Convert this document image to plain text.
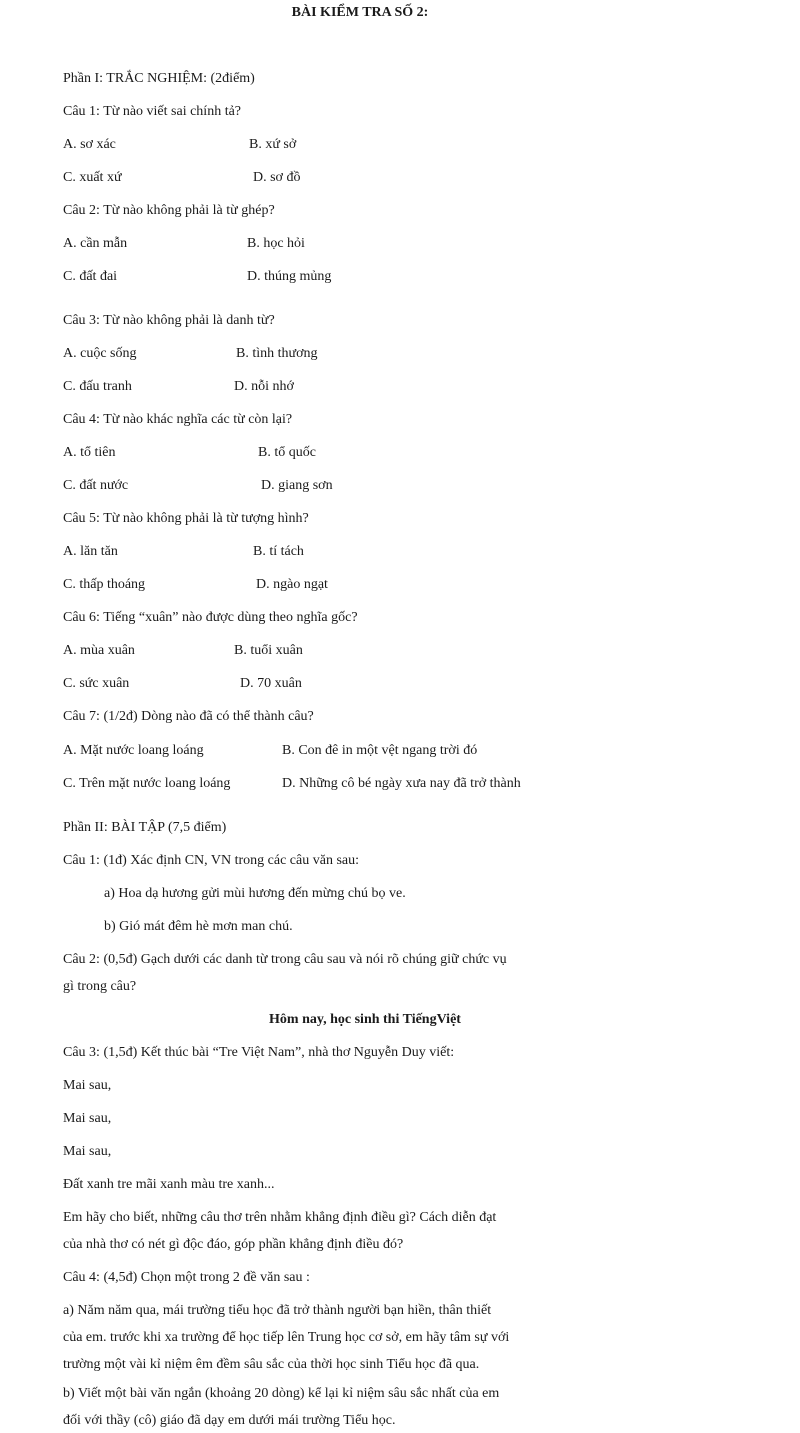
BÀI KIỂM TRA SỐ 2:
Phần I: TRẮC NGHIỆM: (2điểm)
Câu 1: Từ nào viết sai chính tả?
A. sơ xác	B. xứ sở
C. xuất xứ	D. sơ đồ
Câu 2: Từ nào không phải là từ ghép?
A. cần mẫn	B. học hỏi
C. đất đai	D. thúng mủng
Câu 3: Từ nào không phải là danh từ?
A. cuộc sống	B. tình thương
C. đấu tranh	D. nỗi nhớ
Câu 4: Từ nào khác nghĩa các từ còn lại?
A. tổ tiên	B. tổ quốc
C. đất nước	D. giang sơn
Câu 5: Từ nào không phải là từ tượng hình?
A. lăn tăn	B. tí tách
C. thấp thoáng	D. ngào ngạt
Câu 6: Tiếng “xuân” nào được dùng theo nghĩa gốc?
A. mùa xuân	B. tuổi xuân
C. sức xuân	D. 70 xuân
Câu 7: (1/2đ) Dòng nào đã có thể thành câu?
A. Mặt nước loang loáng	B. Con đê in một vệt ngang trời đó
C. Trên mặt nước loang loáng	D. Những cô bé ngày xưa nay đã trở thành
Phần II: BÀI TẬP (7,5 điểm)
Câu 1: (1đ) Xác định CN, VN trong các câu văn sau:
a) Hoa dạ hương gửi mùi hương đến mừng chú bọ ve.
b) Gió mát đêm hè mơn man chú.
Câu 2: (0,5đ) Gạch dưới các danh từ trong câu sau và nói rõ chúng giữ chức vụ
gì trong câu?
Hôm nay, học sinh thi TiếngViệt
Câu 3: (1,5đ) Kết thúc bài “Tre Việt Nam”, nhà thơ Nguyễn Duy viết:
Mai sau,
Mai sau,
Mai sau,
Đất xanh tre mãi xanh màu tre xanh...
Em hãy cho biết, những câu thơ trên nhằm khẳng định điều gì? Cách diễn đạt
của nhà thơ có nét gì độc đáo, góp phần khẳng định điều đó?
Câu 4: (4,5đ) Chọn một trong 2 đề văn sau :
a) Năm năm qua, mái trường tiểu học đã trở thành người bạn hiền, thân thiết
của em. trước khi xa trường để học tiếp lên Trung học cơ sở, em hãy tâm sự với
trường một vài kỉ niệm êm đềm sâu sắc của thời học sinh Tiểu học đã qua.
b) Viết một bài văn ngắn (khoảng 20 dòng) kể lại kỉ niệm sâu sắc nhất của em
đối với thầy (cô) giáo đã dạy em dưới mái trường Tiểu học.
